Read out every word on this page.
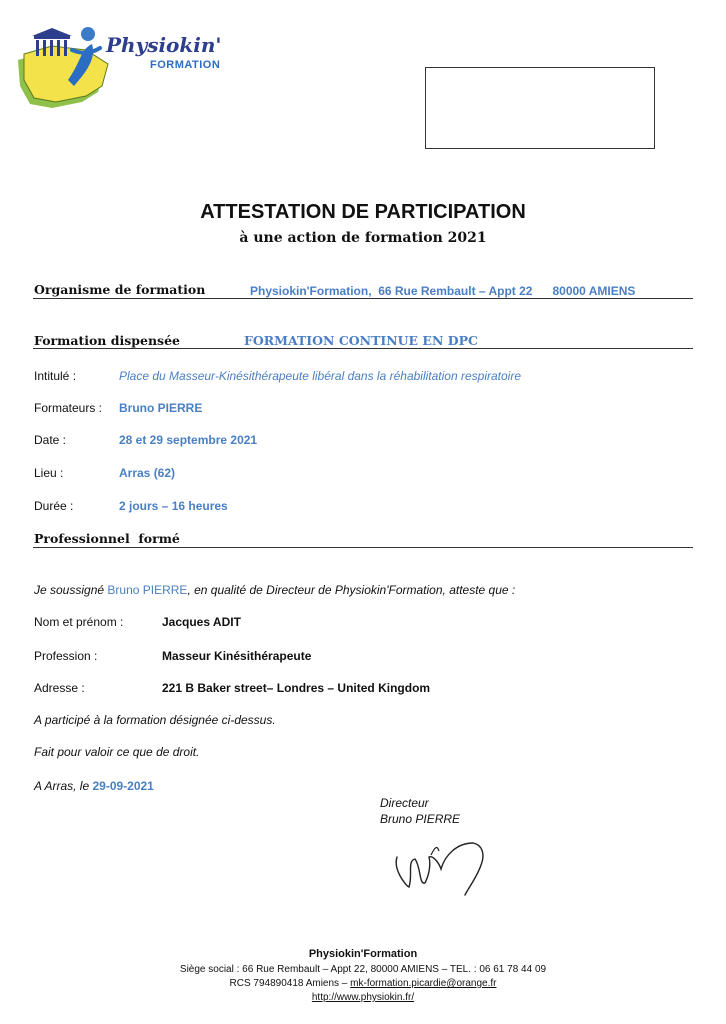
Physiokin'
FORMATION
ATTESTATION DE PARTICIPATION
à une action de formation 2021
Organisme de formation	Physiokin'Formation,  66 Rue Rembault – Appt 22      80000 AMIENS
Formation dispensée	FORMATION CONTINUE EN DPC
Intitulé :	Place du Masseur-Kinésithérapeute libéral dans la réhabilitation respiratoire
Formateurs : Bruno PIERRE
Date :	28 et 29 septembre 2021
Lieu :	Arras (62)
Durée :	2 jours – 16 heures
Professionnel  formé
Je soussigné Bruno PIERRE, en qualité de Directeur de Physiokin'Formation, atteste que :
Nom et prénom :	Jacques ADIT
Profession :	Masseur Kinésithérapeute
Adresse :	221 B Baker street– Londres – United Kingdom
A participé à la formation désignée ci-dessus.
Fait pour valoir ce que de droit.
A Arras, le 29-09-2021
Directeur
Bruno PIERRE
Physiokin'Formation
Siège social : 66 Rue Rembault – Appt 22, 80000 AMIENS – TEL. : 06 61 78 44 09
RCS 794890418 Amiens – mk-formation.picardie@orange.fr
http://www.physiokin.fr/
